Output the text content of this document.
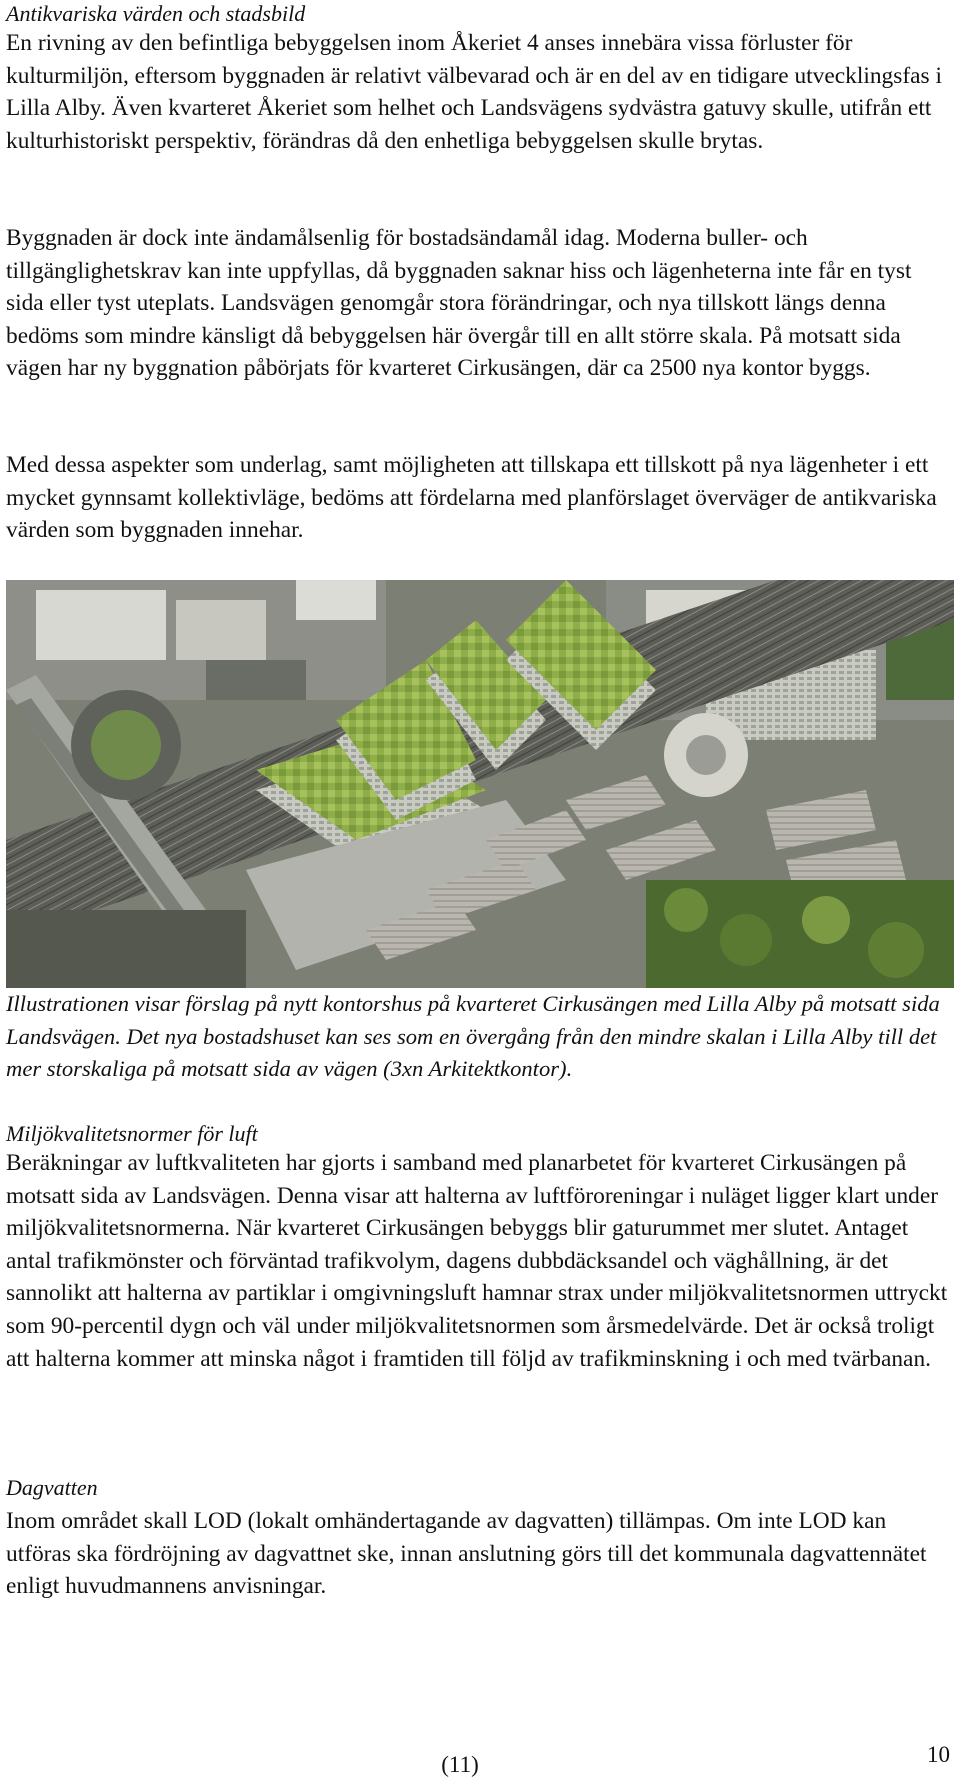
Antikvariska värden och stadsbild

En rivning av den befintliga bebyggelsen inom Åkeriet 4 anses innebära vissa förluster för kulturmiljön, eftersom byggnaden är relativt välbevarad och är en del av en tidigare utvecklingsfas i Lilla Alby. Även kvarteret Åkeriet som helhet och Landsvägens sydvästra gatuvy skulle, utifrån ett kulturhistoriskt perspektiv, förändras då den enhetliga bebyggelsen skulle brytas.

Byggnaden är dock inte ändamålsenlig för bostadsändamål idag. Moderna buller- och tillgänglighetskrav kan inte uppfyllas, då byggnaden saknar hiss och lägenheterna inte får en tyst sida eller tyst uteplats. Landsvägen genomgår stora förändringar, och nya tillskott längs denna bedöms som mindre känsligt då bebyggelsen här övergår till en allt större skala. På motsatt sida vägen har ny byggnation påbörjats för kvarteret Cirkusängen, där ca 2500 nya kontor byggs.

Med dessa aspekter som underlag, samt möjligheten att tillskapa ett tillskott på nya lägenheter i ett mycket gynnsamt kollektivläge, bedöms att fördelarna med planförslaget överväger de antikvariska värden som byggnaden innehar.

Illustrationen visar förslag på nytt kontorshus på kvarteret Cirkusängen med Lilla Alby på motsatt sida Landsvägen. Det nya bostadshuset kan ses som en övergång från den mindre skalan i Lilla Alby till det mer storskaliga på motsatt sida av vägen (3xn Arkitektkontor).

Miljökvalitetsnormer för luft

Beräkningar av luftkvaliteten har gjorts i samband med planarbetet för kvarteret Cirkusängen på motsatt sida av Landsvägen. Denna visar att halterna av luftföroreningar i nuläget ligger klart under miljökvalitetsnormerna. När kvarteret Cirkusängen bebyggs blir gaturummet mer slutet. Antaget antal trafikmönster och förväntad trafikvolym, dagens dubbdäcksandel och väghållning, är det sannolikt att halterna av partiklar i omgivningsluft hamnar strax under miljökvalitetsnormen uttryckt som 90-percentil dygn och väl under miljökvalitetsnormen som årsmedelvärde. Det är också troligt att halterna kommer att minska något i framtiden till följd av trafikminskning i och med tvärbanan.

Dagvatten

Inom området skall LOD (lokalt omhändertagande av dagvatten) tillämpas. Om inte LOD kan utföras ska fördröjning av dagvattnet ske, innan anslutning görs till det kommunala dagvattennätet enligt huvudmannens anvisningar.

(11)	10
